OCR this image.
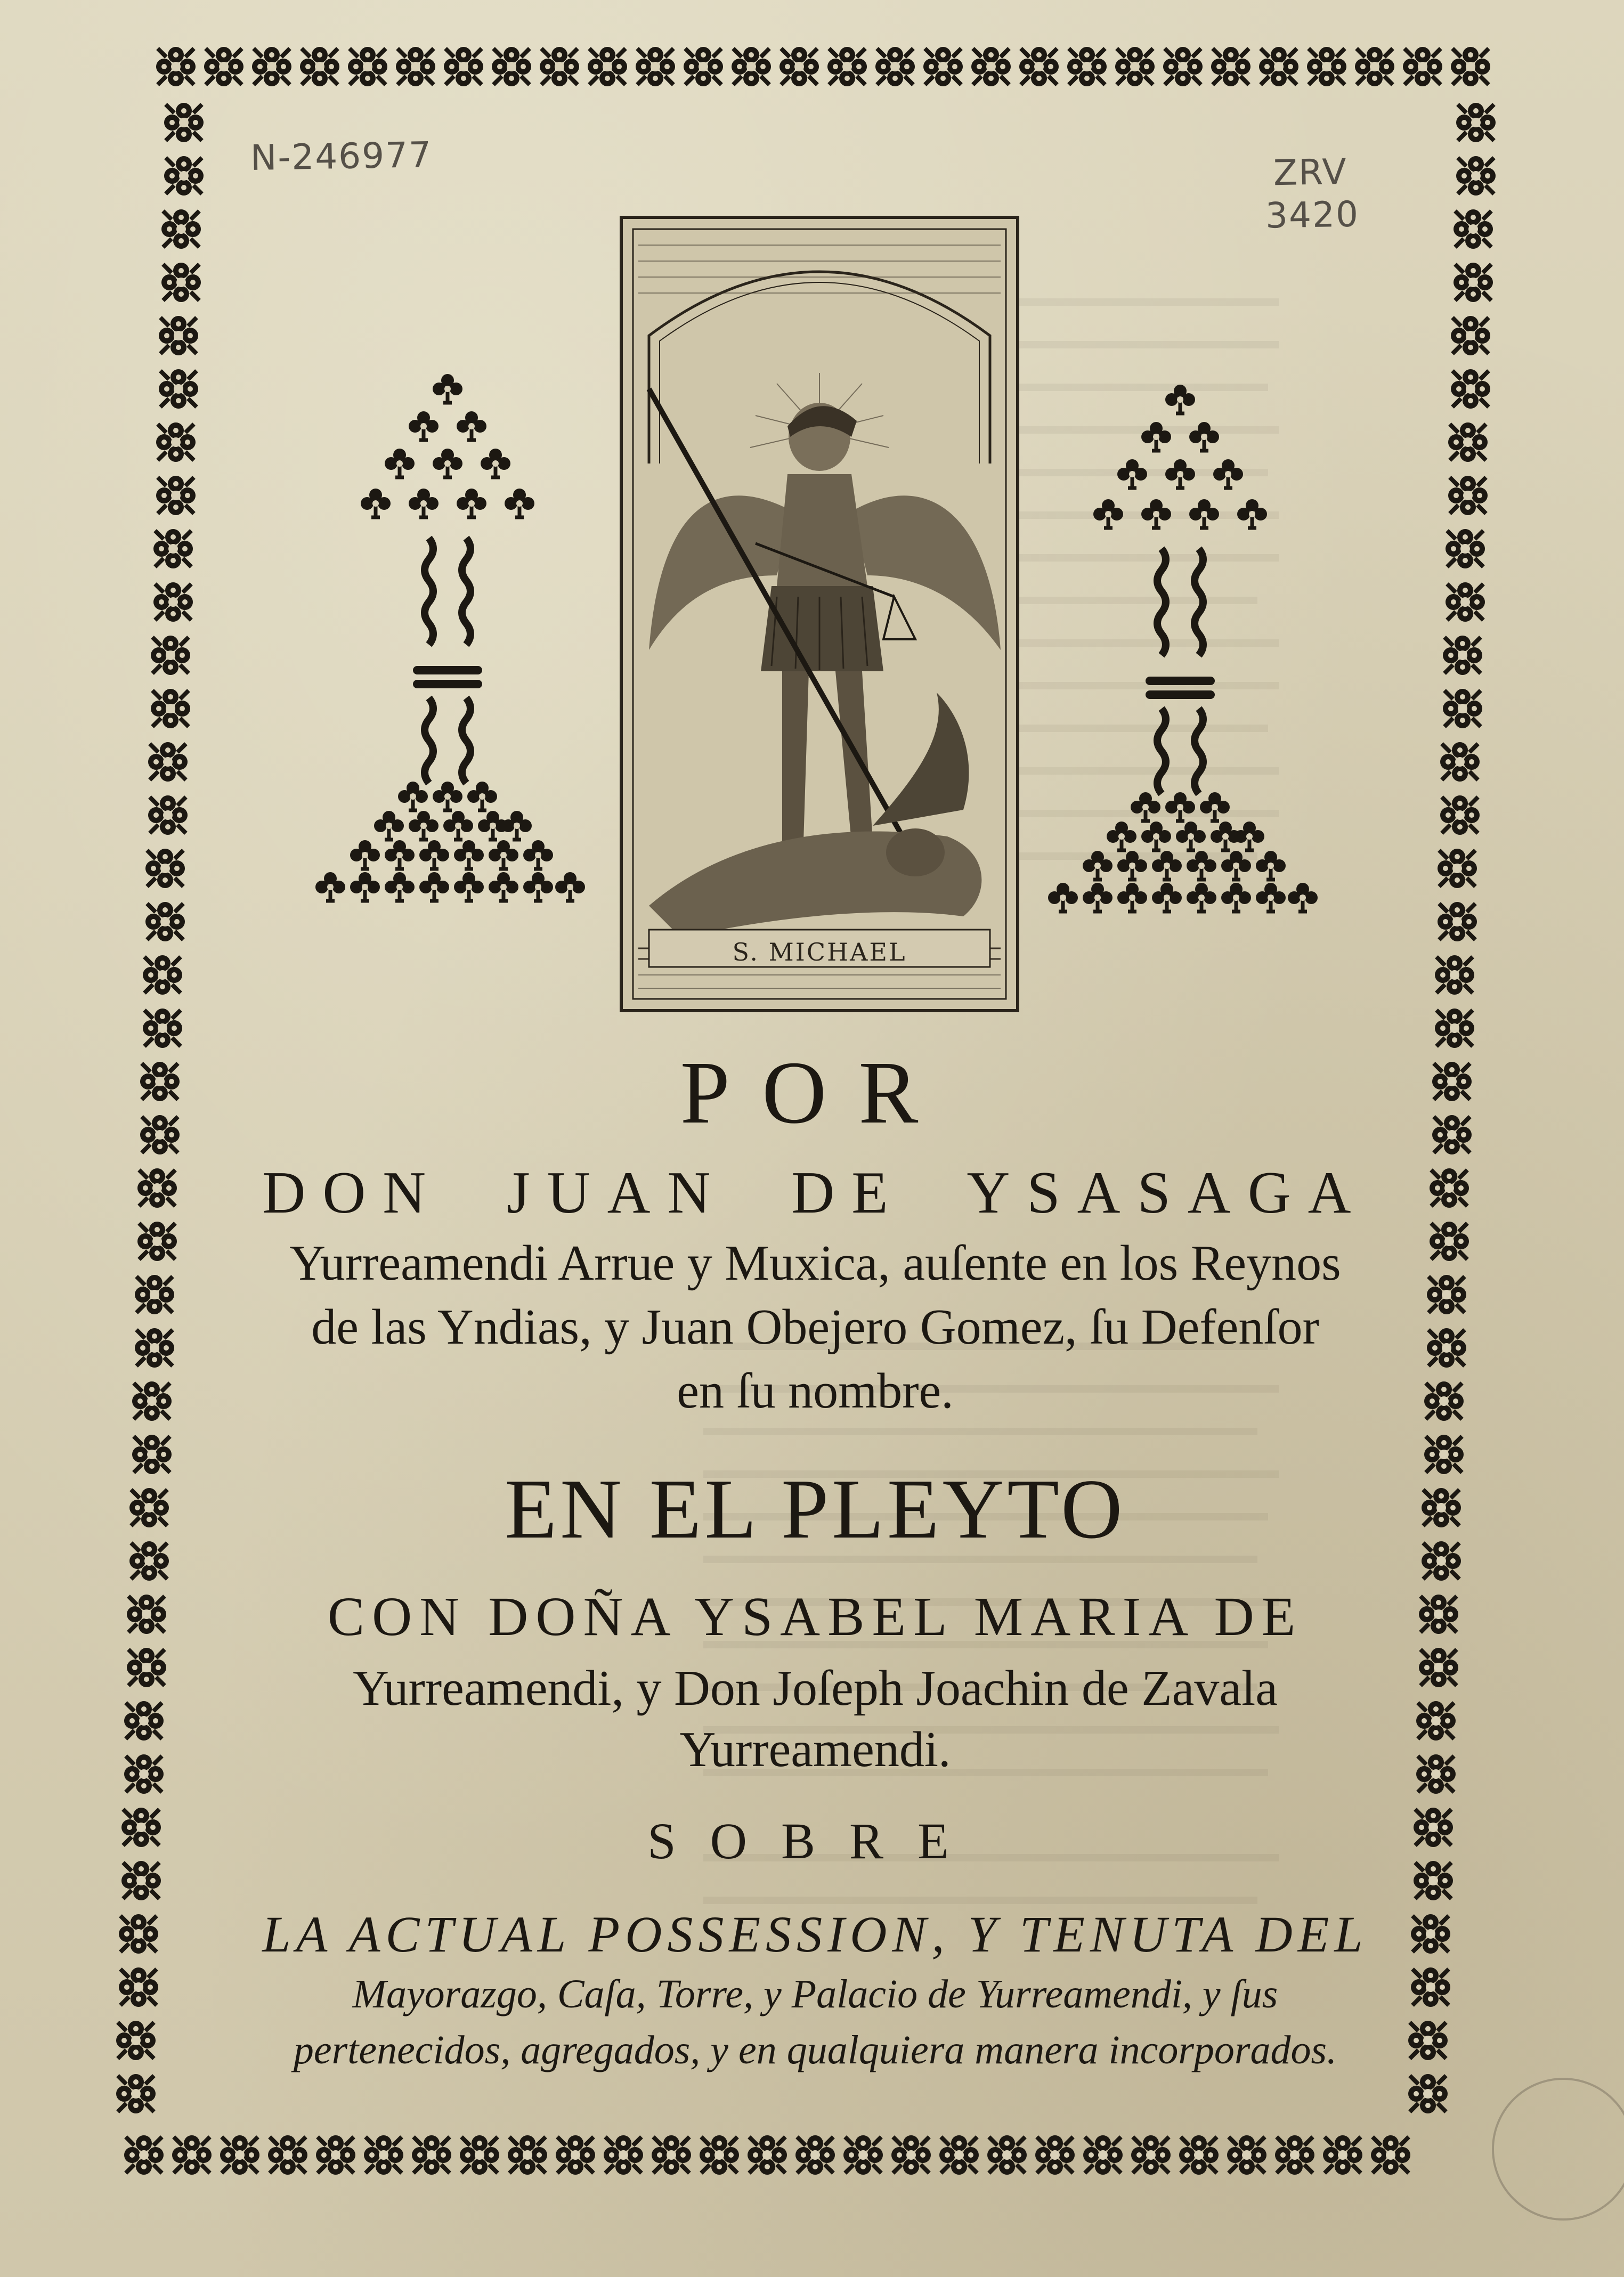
N-246977	ZRV
3420
S. MICHAEL
POR
DON JUAN DE YSASAGA
Yurreamendi Arrue y Muxica, auſente en los Reynos
de las Yndias, y Juan Obejero Gomez, ſu Defenſor
en ſu nombre.
EN EL PLEYTO
CON DOÑA YSABEL MARIA DE
Yurreamendi, y Don Joſeph Joachin de Zavala
Yurreamendi.
SOBRE
LA ACTUAL POSSESSION, Y TENUTA DEL
Mayorazgo, Caſa, Torre, y Palacio de Yurreamendi, y ſus
pertenecidos, agregados, y en qualquiera manera incorporados.
